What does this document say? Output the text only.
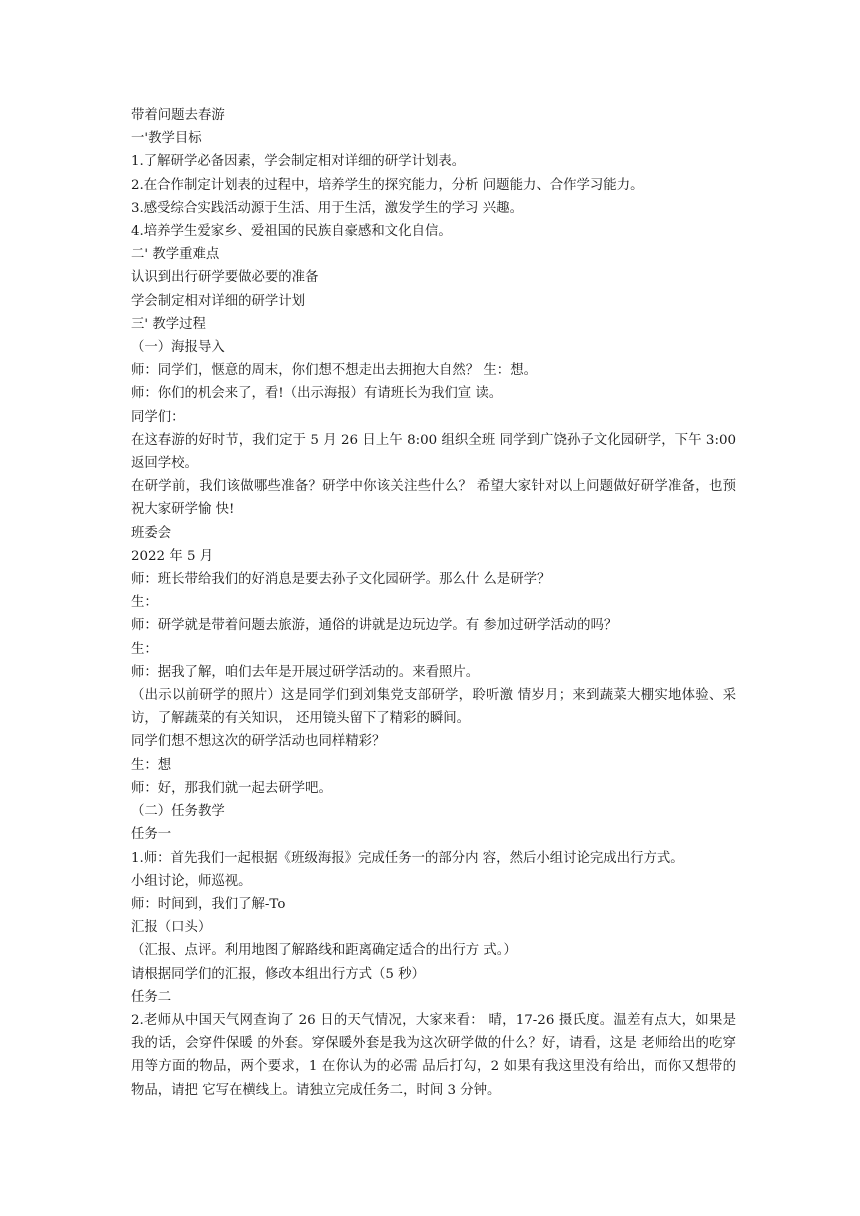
带着问题去春游

一'教学目标

1.了解研学必备因素，学会制定相对详细的研学计划表。

2.在合作制定计划表的过程中，培养学生的探究能力，分析 问题能力、合作学习能力。

3.感受综合实践活动源于生活、用于生活，激发学生的学习 兴趣。

4.培养学生爱家乡、爱祖国的民族自豪感和文化自信。

二' 教学重难点

认识到出行研学要做必要的准备

学会制定相对详细的研学计划

三' 教学过程

（一）海报导入

师：同学们，惬意的周末，你们想不想走出去拥抱大自然？ 生：想。

师：你们的机会来了，看!（出示海报）有请班长为我们宣 读。

同学们：

在这春游的好时节，我们定于 5 月 26 日上午 8:00 组织全班 同学到广饶孙子文化园研学，下午 3:00 返回学校。

在研学前，我们该做哪些准备？研学中你该关注些什么？ 希望大家针对以上问题做好研学准备，也预祝大家研学愉 快!

班委会

2022 年 5 月

师：班长带给我们的好消息是要去孙子文化园研学。那么什 么是研学？

生：

师：研学就是带着问题去旅游，通俗的讲就是边玩边学。有 参加过研学活动的吗？

生：

师：据我了解，咱们去年是开展过研学活动的。来看照片。

（出示以前研学的照片）这是同学们到刘集党支部研学，聆听激 情岁月；来到蔬菜大棚实地体验、采访，了解蔬菜的有关知识， 还用镜头留下了精彩的瞬间。

同学们想不想这次的研学活动也同样精彩？

生：想

师：好，那我们就一起去研学吧。

（二）任务教学

任务一

1.师：首先我们一起根据《班级海报》完成任务一的部分内 容，然后小组讨论完成出行方式。

小组讨论，师巡视。

师：时间到，我们了解-To

汇报（口头）

（汇报、点评。利用地图了解路线和距离确定适合的出行方 式。）

请根据同学们的汇报，修改本组出行方式（5 秒）

任务二

2.老师从中国天气网查询了 26 日的天气情况，大家来看： 晴，17-26 摄氏度。温差有点大，如果是我的话，会穿件保暖 的外套。穿保暖外套是我为这次研学做的什么？好，请看，这是 老师给出的吃穿用等方面的物品，两个要求，1 在你认为的必需 品后打勾，2 如果有我这里没有给出，而你又想带的物品，请把 它写在横线上。请独立完成任务二，时间 3 分钟。
